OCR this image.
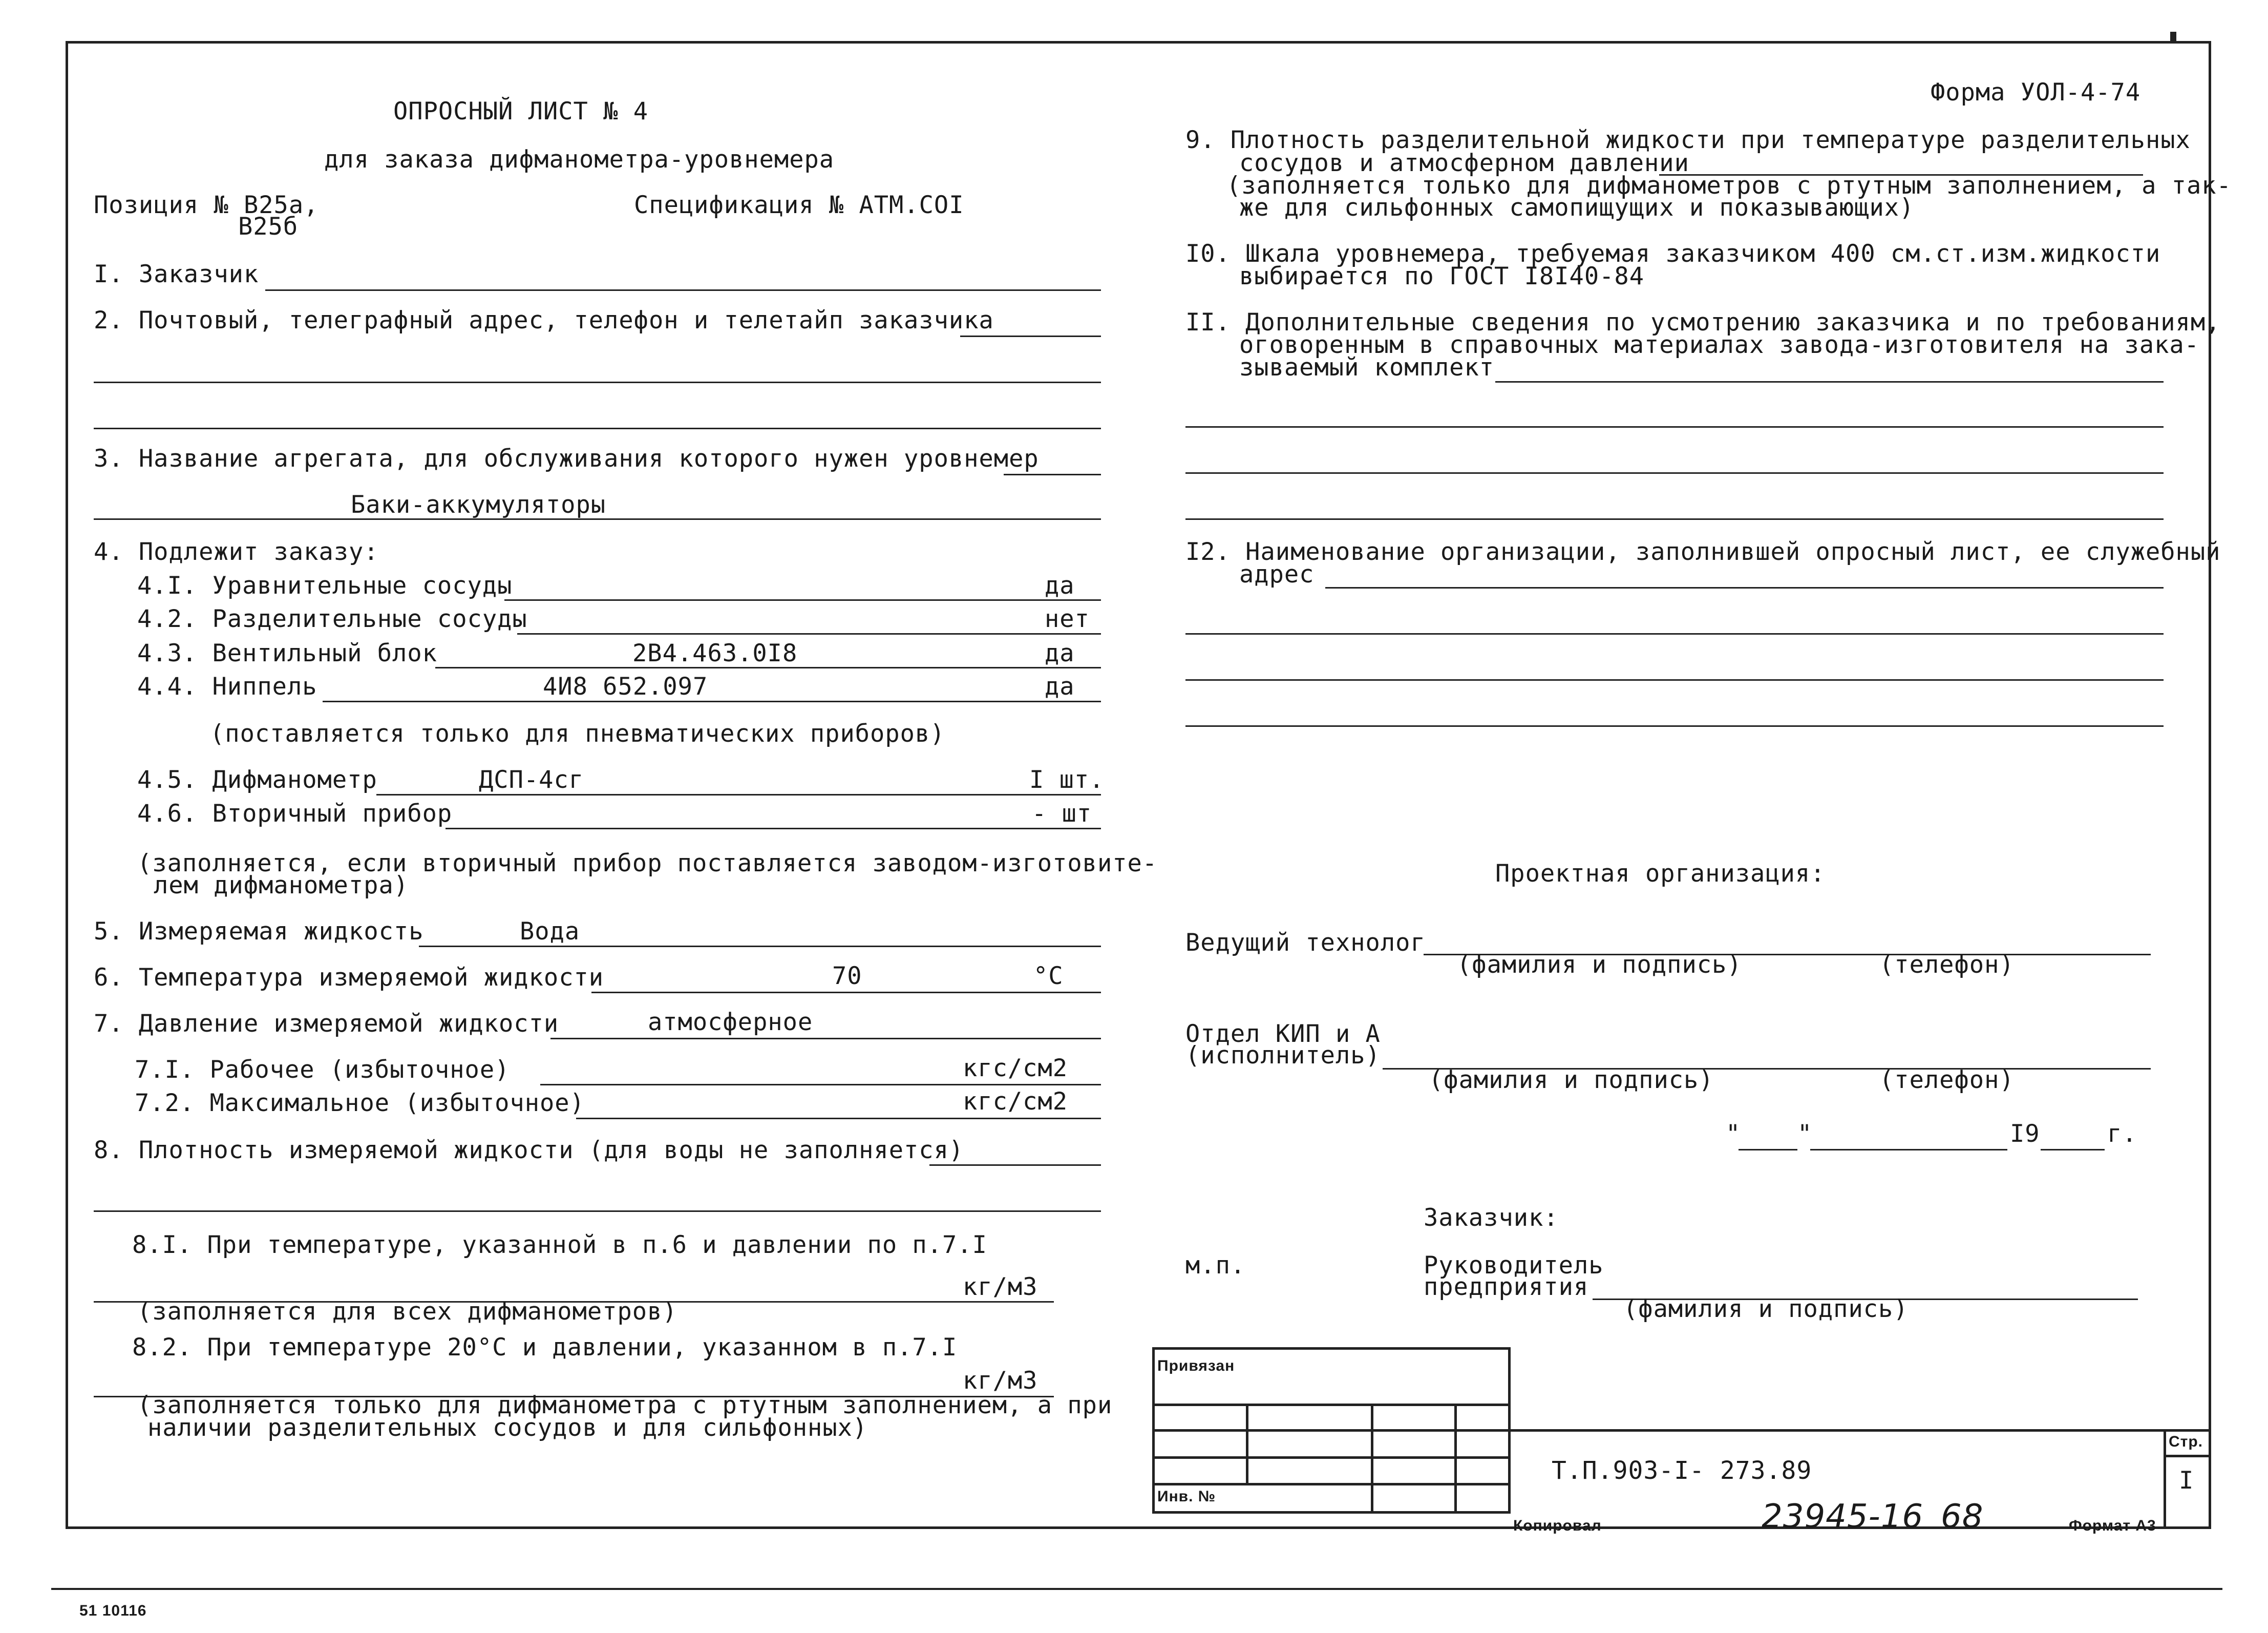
ОПРОСНЫЙ ЛИСТ № 4
для заказа дифманометра-уровнемера
Позиция № B25a,
B25б
Спецификация № АТМ.СОI
Форма УОЛ-4-74
I. Заказчик
2. Почтовый, телеграфный адрес, телефон и телетайп заказчика
3. Название агрегата, для обслуживания которого нужен уровнемер
Баки-аккумуляторы
4. Подлежит заказу:
4.I. Уравнительные сосуды	да
4.2. Разделительные сосуды	нет
4.3. Вентильный блок	2B4.463.0I8	да
4.4. Ниппель	4И8 652.097	да
(поставляется только для пневматических приборов)
4.5. Дифманометр	ДСП-4сг	I шт.
4.6. Вторичный прибор	- шт
(заполняется, если вторичный прибор поставляется заводом-изготовите-
лем дифманометра)
5. Измеряемая жидкость	Вода
6. Температура измеряемой жидкости	70	°С
7. Давление измеряемой жидкости	атмосферное
7.I. Рабочее (избыточное)	кгс/см2
7.2. Максимальное (избыточное)	кгс/см2
8. Плотность измеряемой жидкости (для воды не заполняется)
8.I. При температуре, указанной в п.6 и давлении по п.7.I
кг/м3
(заполняется для всех дифманометров)
8.2. При температуре 20°С и давлении, указанном в п.7.I
кг/м3
(заполняется только для дифманометра с ртутным заполнением, а при
наличии разделительных сосудов и для сильфонных)
9. Плотность разделительной жидкости при температуре разделительных
сосудов и атмосферном давлении
(заполняется только для дифманометров с ртутным заполнением, а так-
же для сильфонных самопищущих и показывающих)
I0. Шкала уровнемера, требуемая заказчиком 400 см.ст.изм.жидкости
выбирается по ГОСТ I8I40-84
II. Дополнительные сведения по усмотрению заказчика и по требованиям,
оговоренным в справочных материалах завода-изготовителя на зака-
зываемый комплект
I2. Наименование организации, заполнившей опросный лист, ее служебный
адрес
Проектная организация:
Ведущий технолог
(фамилия и подпись)	(телефон)
Отдел КИП и А
(исполнитель)
(фамилия и подпись)	(телефон)
" "	I9	г.
Заказчик:
м.п.	Руководитель
предприятия
(фамилия и подпись)
Привязан
Инв. №
Т.П.903-I- 273.89
Стр.
I
Копировал	23945-16 68	Формат А3
51 10116
